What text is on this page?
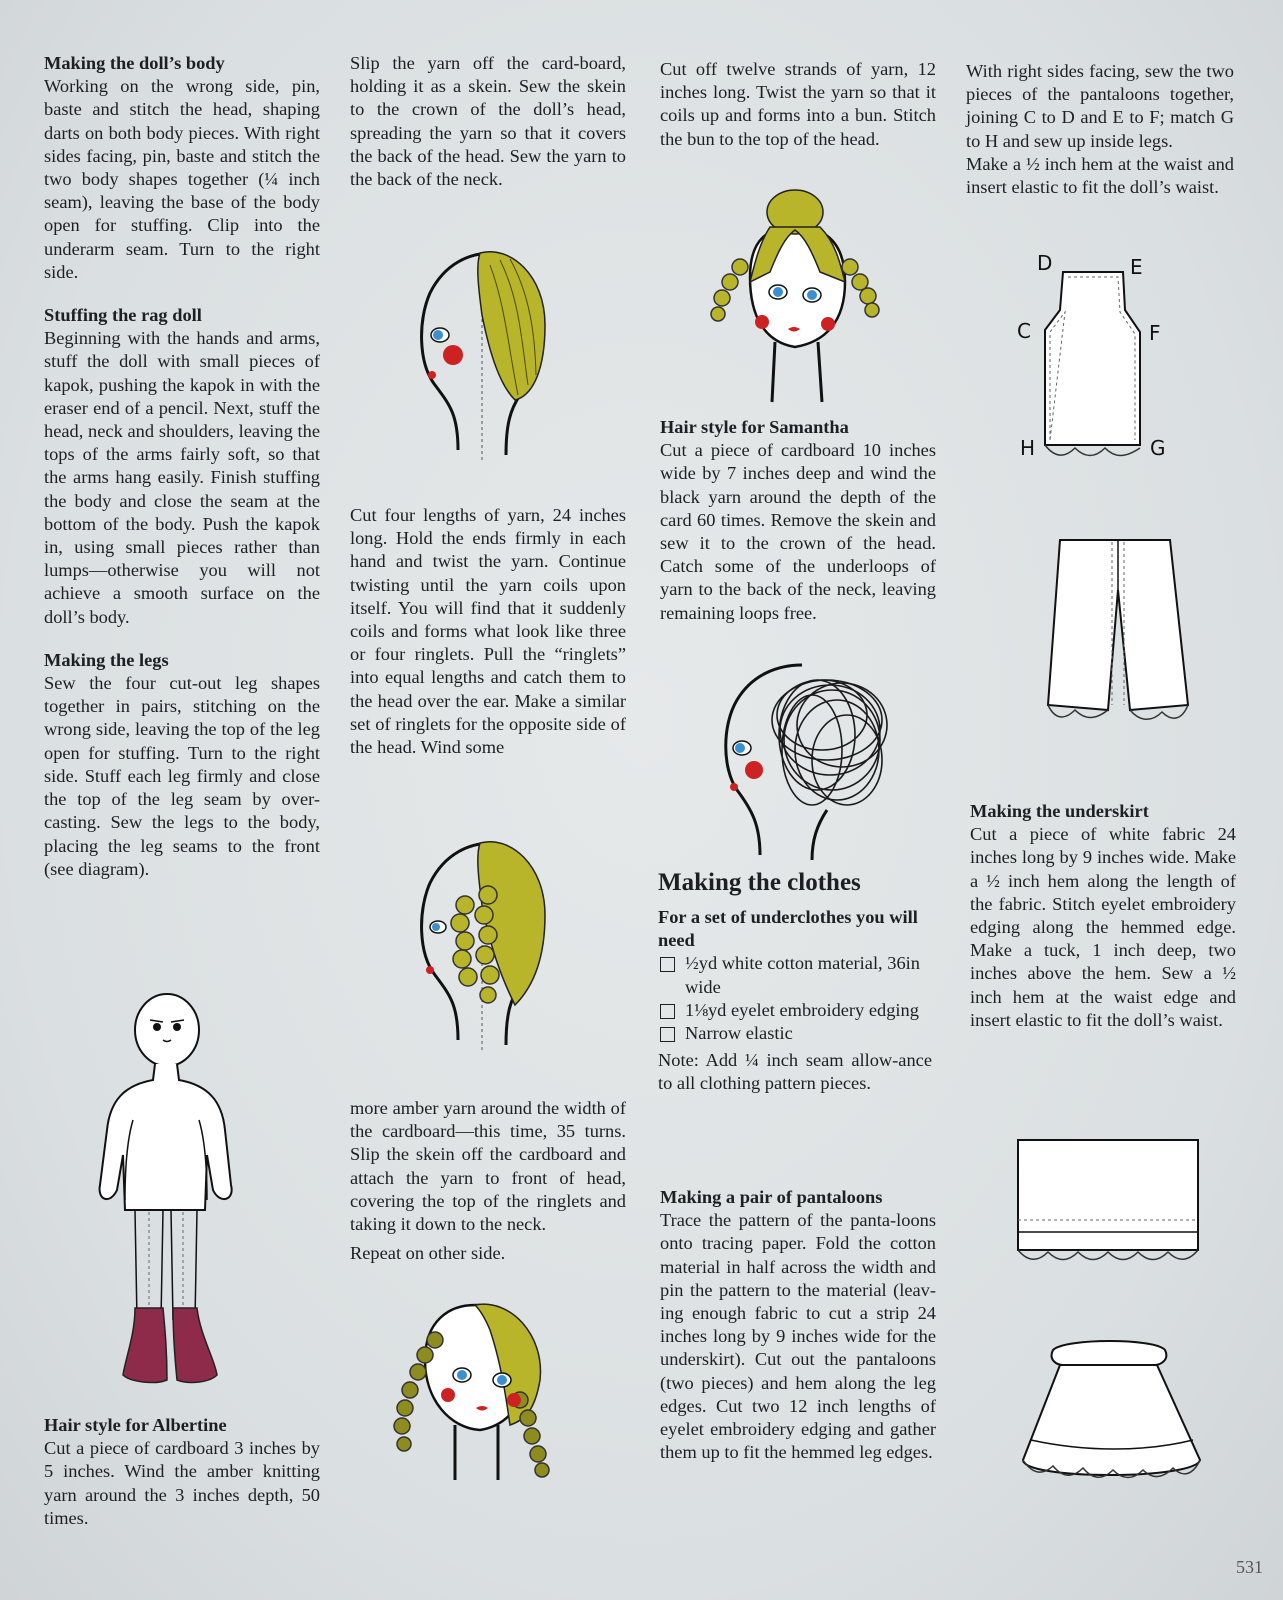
Making the doll’s body

Working on the wrong side, pin, baste and stitch the head, shaping darts on both body pieces. With right sides facing, pin, baste and stitch the two body shapes together (¼ inch seam), leaving the base of the body open for stuffing. Clip into the underarm seam. Turn to the right side.

Stuffing the rag doll

Beginning with the hands and arms, stuff the doll with small pieces of kapok, pushing the kapok in with the eraser end of a pencil. Next, stuff the head, neck and shoulders, leaving the tops of the arms fairly soft, so that the arms hang easily. Finish stuffing the body and close the seam at the bottom of the body. Push the kapok in, using small pieces rather than lumps—otherwise you will not achieve a smooth surface on the doll’s body.

Making the legs

Sew the four cut-out leg shapes together in pairs, stitching on the wrong side, leaving the top of the leg open for stuffing. Turn to the right side. Stuff each leg firmly and close the top of the leg seam by over-casting. Sew the legs to the body, placing the leg seams to the front (see diagram).

Hair style for Albertine

Cut a piece of cardboard 3 inches by 5 inches. Wind the amber knitting yarn around the 3 inches depth, 50 times.

Slip the yarn off the card-board, holding it as a skein. Sew the skein to the crown of the doll’s head, spreading the yarn so that it covers the back of the head. Sew the yarn to the back of the neck.

Cut four lengths of yarn, 24 inches long. Hold the ends firmly in each hand and twist the yarn. Continue twisting until the yarn coils upon itself. You will find that it suddenly coils and forms what look like three or four ringlets. Pull the “ringlets” into equal lengths and catch them to the head over the ear. Make a similar set of ringlets for the opposite side of the head. Wind some

more amber yarn around the width of the cardboard—this time, 35 turns. Slip the skein off the cardboard and attach the yarn to front of head, covering the top of the ringlets and taking it down to the neck.

Repeat on other side.

Cut off twelve strands of yarn, 12 inches long. Twist the yarn so that it coils up and forms into a bun. Stitch the bun to the top of the head.

Hair style for Samantha

Cut a piece of cardboard 10 inches wide by 7 inches deep and wind the black yarn around the depth of the card 60 times. Remove the skein and sew it to the crown of the head. Catch some of the underloops of yarn to the back of the neck, leaving remaining loops free.

Making the clothes
For a set of underclothes you will need
½yd white cotton material, 36in wide
1⅛yd eyelet embroidery edging
Narrow elastic

Note: Add ¼ inch seam allow-ance to all clothing pattern pieces.

Making a pair of pantaloons

Trace the pattern of the panta-loons onto tracing paper. Fold the cotton material in half across the width and pin the pattern to the material (leav-ing enough fabric to cut a strip 24 inches long by 9 inches wide for the underskirt). Cut out the pantaloons (two pieces) and hem along the leg edges. Cut two 12 inch lengths of eyelet embroidery edging and gather them up to fit the hemmed leg edges.

With right sides facing, sew the two pieces of the pantaloons together, joining C to D and E to F; match G to H and sew up inside legs.

Make a ½ inch hem at the waist and insert elastic to fit the doll’s waist.

Making the underskirt

Cut a piece of white fabric 24 inches long by 9 inches wide. Make a ½ inch hem along the length of the fabric. Stitch eyelet embroidery edging along the hemmed edge. Make a tuck, 1 inch deep, two inches above the hem. Sew a ½ inch hem at the waist edge and insert elastic to fit the doll’s waist.

D	E
C	F
H	G
531
